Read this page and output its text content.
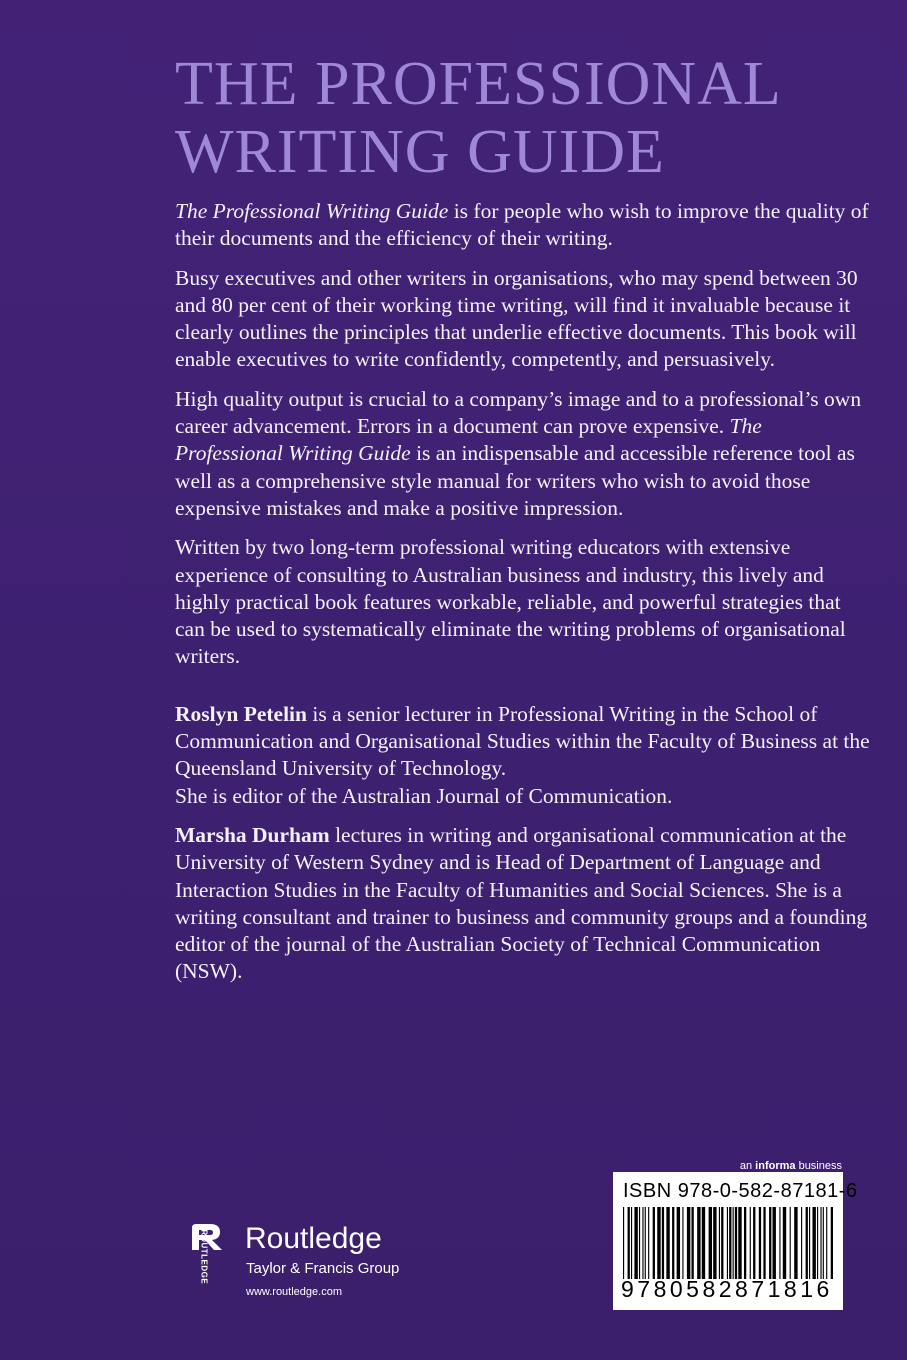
THE PROFESSIONAL
WRITING GUIDE

The Professional Writing Guide is for people who wish to improve the quality of their documents and the efficiency of their writing.

Busy executives and other writers in organisations, who may spend between 30 and 80 per cent of their working time writing, will find it invaluable because it clearly outlines the principles that underlie effective documents. This book will enable executives to write confidently, competently, and persuasively.

High quality output is crucial to a company’s image and to a professional’s own career advancement. Errors in a document can prove expensive. The Professional Writing Guide is an indispensable and accessible reference tool as well as a comprehensive style manual for writers who wish to avoid those expensive mistakes and make a positive impression.

Written by two long-term professional writing educators with extensive experience of consulting to Australian business and industry, this lively and highly practical book features workable, reliable, and powerful strategies that can be used to systematically eliminate the writing problems of organisational writers.

Roslyn Petelin is a senior lecturer in Professional Writing in the School of Communication and Organisational Studies within the Faculty of Business at the Queensland University of Technology.

She is editor of the Australian Journal of Communication.

Marsha Durham lectures in writing and organisational communication at the University of Western Sydney and is Head of Department of Language and Interaction Studies in the Faculty of Humanities and Social Sciences. She is a writing consultant and trainer to business and community groups and a founding editor of the journal of the Australian Society of Technical Communication (NSW).

an informa business
ISBN 978-0-582-87181-6
9780582871816
ROUTLEDGE Routledge
Taylor & Francis Group
www.routledge.com
